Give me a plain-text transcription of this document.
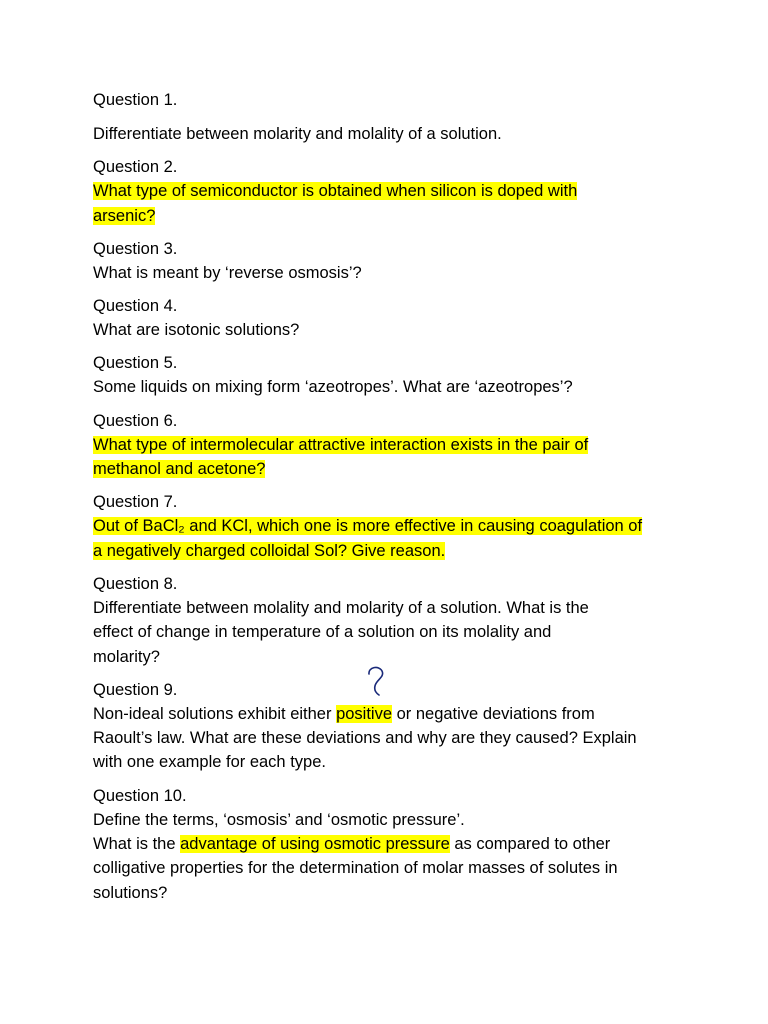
Question 1.
Differentiate between molarity and molality of a solution.
Question 2.
What type of semiconductor is obtained when silicon is doped with
arsenic?
Question 3.
What is meant by ‘reverse osmosis’?
Question 4.
What are isotonic solutions?
Question 5.
Some liquids on mixing form ‘azeotropes’. What are ‘azeotropes’?
Question 6.
What type of intermolecular attractive interaction exists in the pair of
methanol and acetone?
Question 7.
Out of BaCl₂ and KCl, which one is more effective in causing coagulation of
a negatively charged colloidal Sol? Give reason.
Question 8.
Differentiate between molality and molarity of a solution. What is the
effect of change in temperature of a solution on its molality and
molarity?
Question 9.
Non-ideal solutions exhibit either positive or negative deviations from
Raoult’s law. What are these deviations and why are they caused? Explain
with one example for each type.
Question 10.
Define the terms, ‘osmosis’ and ‘osmotic pressure’.
What is the advantage of using osmotic pressure as compared to other
colligative properties for the determination of molar masses of solutes in
solutions?
